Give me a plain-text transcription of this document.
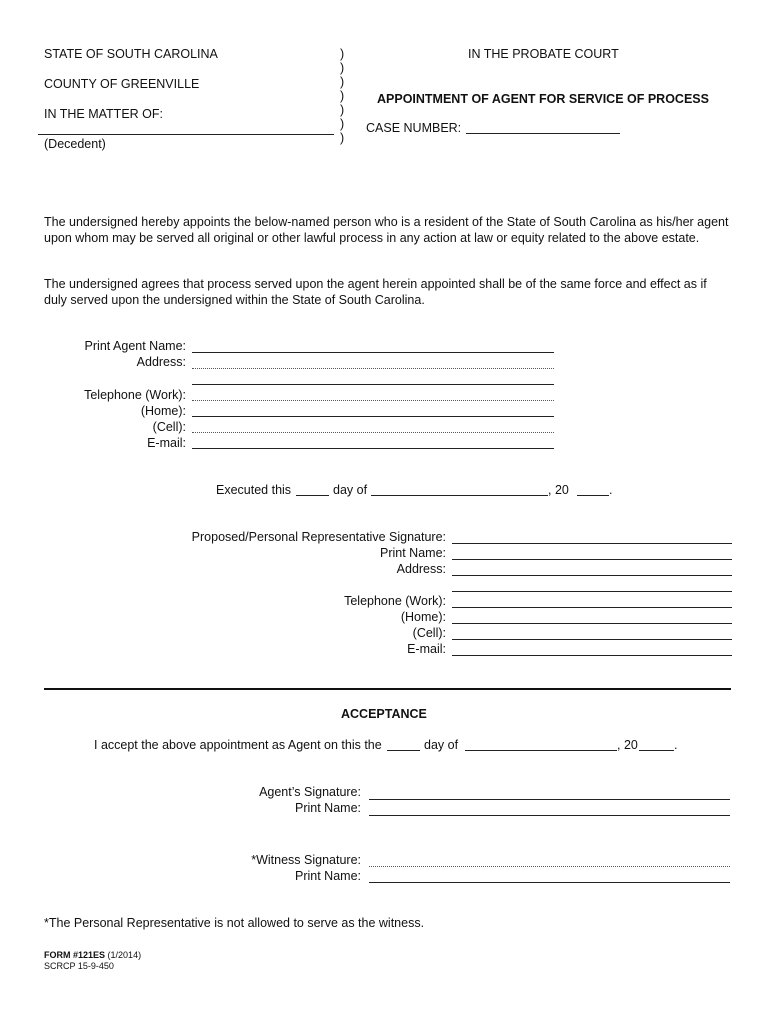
STATE OF SOUTH CAROLINA
COUNTY OF GREENVILLE
IN THE MATTER OF:
(Decedent)
)
)
)
)
)
)
)
IN THE PROBATE COURT
APPOINTMENT OF AGENT FOR SERVICE OF PROCESS
CASE NUMBER:
The undersigned hereby appoints the below-named person who is a resident of the State of South Carolina as his/her agent upon whom may be served all original or other lawful process in any action at law or equity related to the above estate.
The undersigned agrees that process served upon the agent herein appointed shall be of the same force and effect as if duly served upon the undersigned within the State of South Carolina.
Print Agent Name:
Address:
Telephone (Work):
(Home):
(Cell):
E-mail:
Executed this	day of	, 20	.
Proposed/Personal Representative Signature:
Print Name:
Address:
Telephone (Work):
(Home):
(Cell):
E-mail:
ACCEPTANCE
I accept the above appointment as Agent on this the	day of	, 20	.
Agent’s Signature:
Print Name:
*Witness Signature:
Print Name:
*The Personal Representative is not allowed to serve as the witness.
FORM #121ES (1/2014)
SCRCP 15-9-450
